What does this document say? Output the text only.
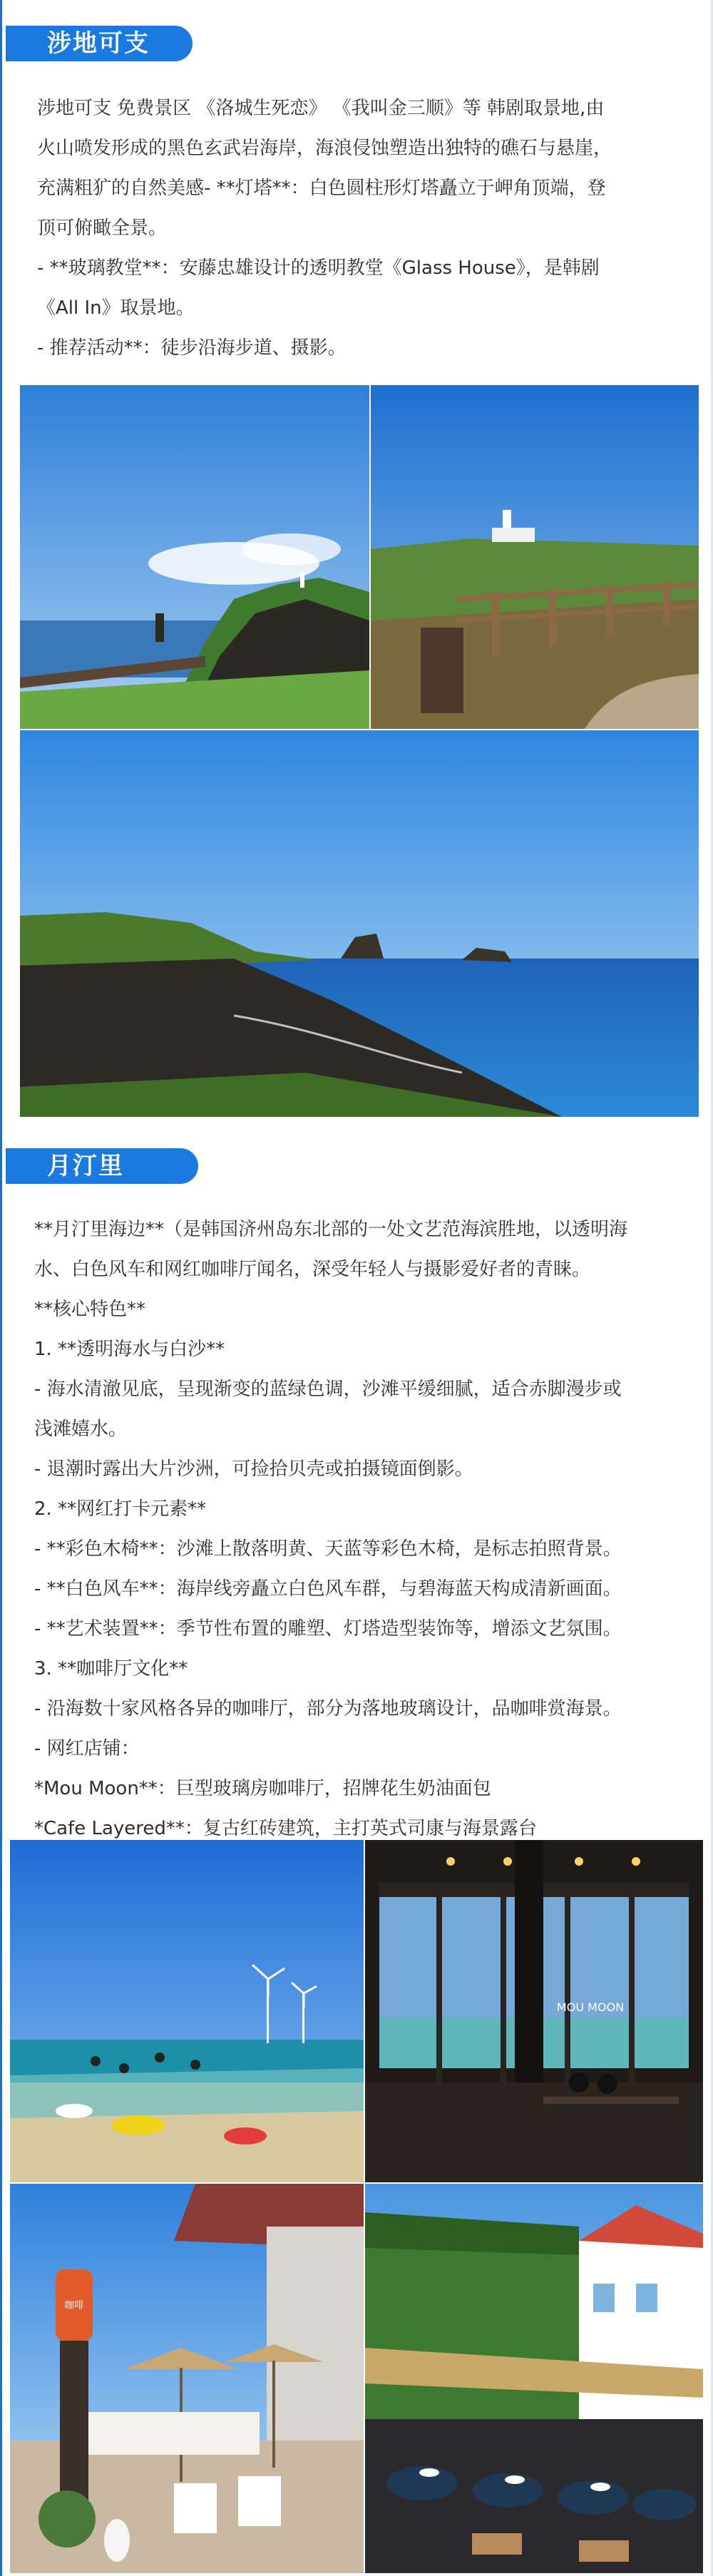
涉地可支
涉地可支 免费景区 《洛城生死恋》 《我叫金三顺》等 韩剧取景地,由
火山喷发形成的黑色玄武岩海岸，海浪侵蚀塑造出独特的礁石与悬崖，
充满粗犷的自然美感- **灯塔**：白色圆柱形灯塔矗立于岬角顶端，登
顶可俯瞰全景。
- **玻璃教堂**：安藤忠雄设计的透明教堂《Glass House》，是韩剧
《All In》取景地。
- 推荐活动**：徒步沿海步道、摄影。
月汀里
**月汀里海边**（是韩国济州岛东北部的一处文艺范海滨胜地，以透明海
水、白色风车和网红咖啡厅闻名，深受年轻人与摄影爱好者的青睐。
**核心特色**
1. **透明海水与白沙**
- 海水清澈见底，呈现渐变的蓝绿色调，沙滩平缓细腻，适合赤脚漫步或
浅滩嬉水。
- 退潮时露出大片沙洲，可捡拾贝壳或拍摄镜面倒影。
2. **网红打卡元素**
- **彩色木椅**：沙滩上散落明黄、天蓝等彩色木椅，是标志拍照背景。
- **白色风车**：海岸线旁矗立白色风车群，与碧海蓝天构成清新画面。
- **艺术装置**：季节性布置的雕塑、灯塔造型装饰等，增添文艺氛围。
3. **咖啡厅文化**
- 沿海数十家风格各异的咖啡厅，部分为落地玻璃设计，品咖啡赏海景。
- 网红店铺：
*Mou Moon**：巨型玻璃房咖啡厅，招牌花生奶油面包
*Cafe Layered**：复古红砖建筑，主打英式司康与海景露台
MOU MOON
咖啡
